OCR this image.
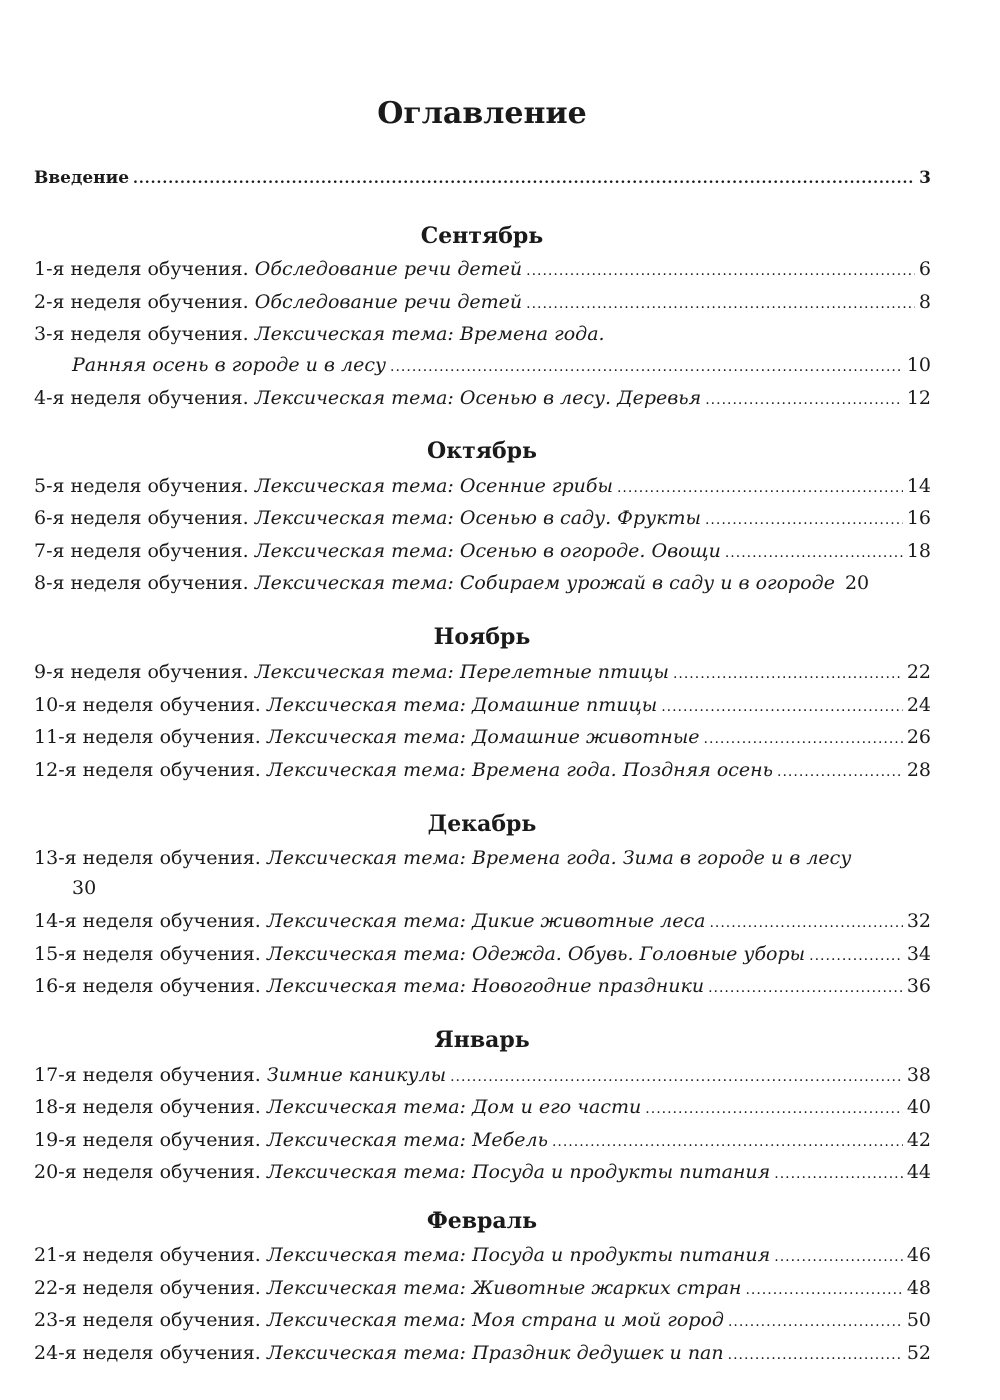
Оглавление
Введение .....	3
Сентябрь
1-я неделя обучения. Обследование речи детей .....	6
2-я неделя обучения. Обследование речи детей .....	8
3-я неделя обучения. Лексическая тема: Времена года.
Ранняя осень в городе и в лесу .....	10
4-я неделя обучения. Лексическая тема: Осенью в лесу. Деревья .....	12
Октябрь
5-я неделя обучения. Лексическая тема: Осенние грибы .....	14
6-я неделя обучения. Лексическая тема: Осенью в саду. Фрукты .....	16
7-я неделя обучения. Лексическая тема: Осенью в огороде. Овощи .....	18
8-я неделя обучения. Лексическая тема: Собираем урожай в саду и в огороде 20
Ноябрь
9-я неделя обучения. Лексическая тема: Перелетные птицы .....	22
10-я неделя обучения. Лексическая тема: Домашние птицы .....	24
11-я неделя обучения. Лексическая тема: Домашние животные .....	26
12-я неделя обучения. Лексическая тема: Времена года. Поздняя осень .....	28
Декабрь
13-я неделя обучения. Лексическая тема: Времена года. Зима в городе и в лесу
30
14-я неделя обучения. Лексическая тема: Дикие животные леса .....	32
15-я неделя обучения. Лексическая тема: Одежда. Обувь. Головные уборы .....	34
16-я неделя обучения. Лексическая тема: Новогодние праздники .....	36
Январь
17-я неделя обучения. Зимние каникулы .....	38
18-я неделя обучения. Лексическая тема: Дом и его части .....	40
19-я неделя обучения. Лексическая тема: Мебель .....	42
20-я неделя обучения. Лексическая тема: Посуда и продукты питания .....	44
Февраль
21-я неделя обучения. Лексическая тема: Посуда и продукты питания .....	46
22-я неделя обучения. Лексическая тема: Животные жарких стран .....	48
23-я неделя обучения. Лексическая тема: Моя страна и мой город .....	50
24-я неделя обучения. Лексическая тема: Праздник дедушек и пап .....	52
